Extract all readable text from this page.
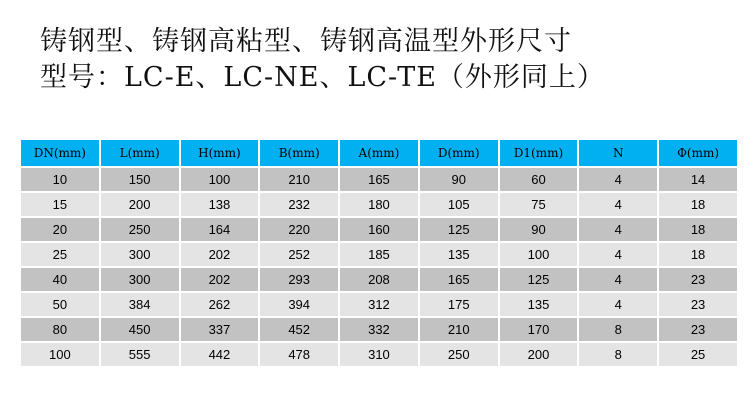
铸钢型、铸钢高粘型、铸钢高温型外形尺寸
型号：LC-E、LC-NE、LC-TE（外形同上）
DN(mm)	L(mm)	H(mm)	B(mm)	A(mm)	D(mm)	D1(mm)	N	Φ(mm)
10	150	100	210	165	90	60	4	14
15	200	138	232	180	105	75	4	18
20	250	164	220	160	125	90	4	18
25	300	202	252	185	135	100	4	18
40	300	202	293	208	165	125	4	23
50	384	262	394	312	175	135	4	23
80	450	337	452	332	210	170	8	23
100	555	442	478	310	250	200	8	25
